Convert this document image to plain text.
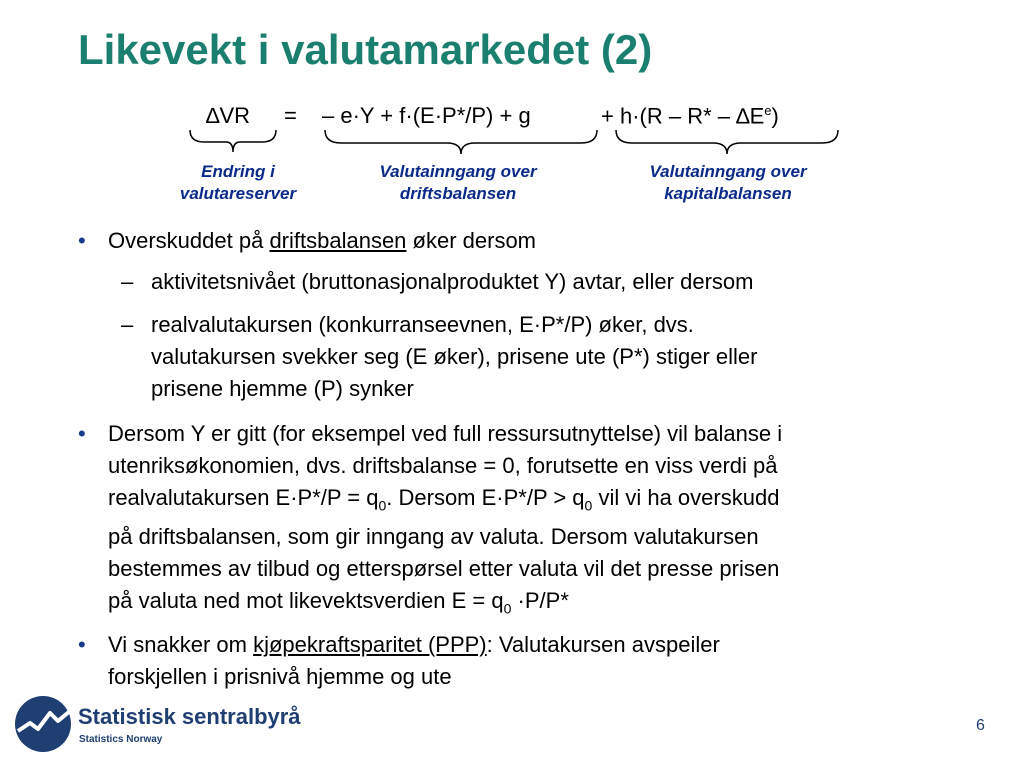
Likevekt i valutamarkedet (2)
∆VR = – e·Y + f·(E·P*/P) + g	+ $h\cdot(R - R* - \Delta E^e)$
Endring i
valutareserver
Valutainngang over
driftsbalansen
Valutainngang over
kapitalbalansen
• Overskuddet på driftsbalansen øker dersom
– aktivitetsnivået (bruttonasjonalproduktet Y) avtar, eller dersom
– realvalutakursen (konkurranseevnen, E·P*/P) øker, dvs.
valutakursen svekker seg (E øker), prisene ute (P*) stiger eller
prisene hjemme (P) synker
• Dersom Y er gitt (for eksempel ved full ressursutnyttelse) vil balanse i
utenriksøkonomien, dvs. driftsbalanse = 0, forutsette en viss verdi på
realvalutakursen $E\cdot P*/P = q_0$. Dersom $E\cdot P*/P > q_0$ vil vi ha overskudd
på driftsbalansen, som gir inngang av valuta. Dersom valutakursen
bestemmes av tilbud og etterspørsel etter valuta vil det presse prisen
på valuta ned mot likevektsverdien $E = q_0 \cdot P/P*$
• Vi snakker om kjøpekraftsparitet (PPP): Valutakursen avspeiler
forskjellen i prisnivå hjemme og ute
Statistisk sentralbyrå
Statistics Norway
6
